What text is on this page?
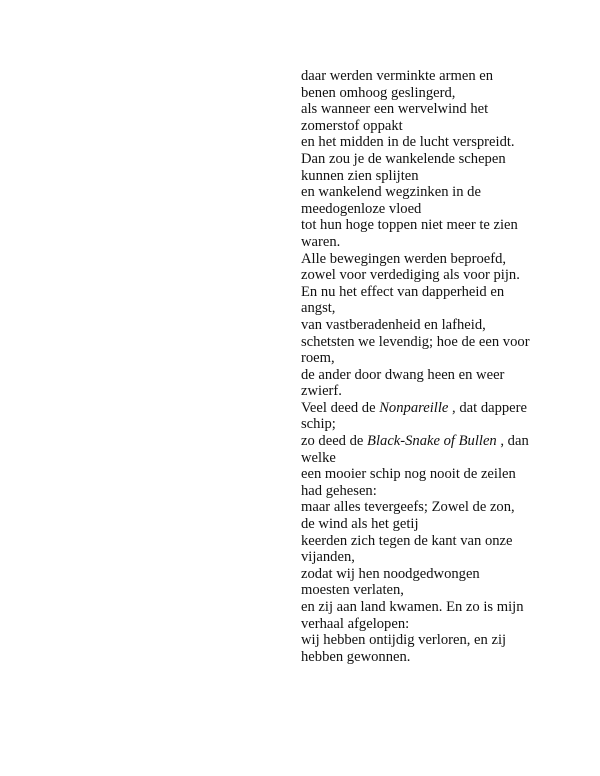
daar werden verminkte armen en benen omhoog geslingerd,

als wanneer een wervelwind het zomerstof oppakt

en het midden in de lucht verspreidt.

Dan zou je de wankelende schepen kunnen zien splijten

en wankelend wegzinken in de meedogenloze vloed

tot hun hoge toppen niet meer te zien waren.

Alle bewegingen werden beproefd,

zowel voor verdediging als voor pijn.

En nu het effect van dapperheid en angst,

van vastberadenheid en lafheid,

schetsten we levendig; hoe de een voor roem,

de ander door dwang heen en weer zwierf.

Veel deed de Nonpareille , dat dappere schip;

zo deed de Black-Snake of Bullen , dan welke

een mooier schip nog nooit de zeilen had gehesen:

maar alles tevergeefs; Zowel de zon, de wind als het getij

keerden zich tegen de kant van onze vijanden,

zodat wij hen noodgedwongen moesten verlaten,

en zij aan land kwamen. En zo is mijn verhaal afgelopen:

wij hebben ontijdig verloren, en zij hebben gewonnen.
